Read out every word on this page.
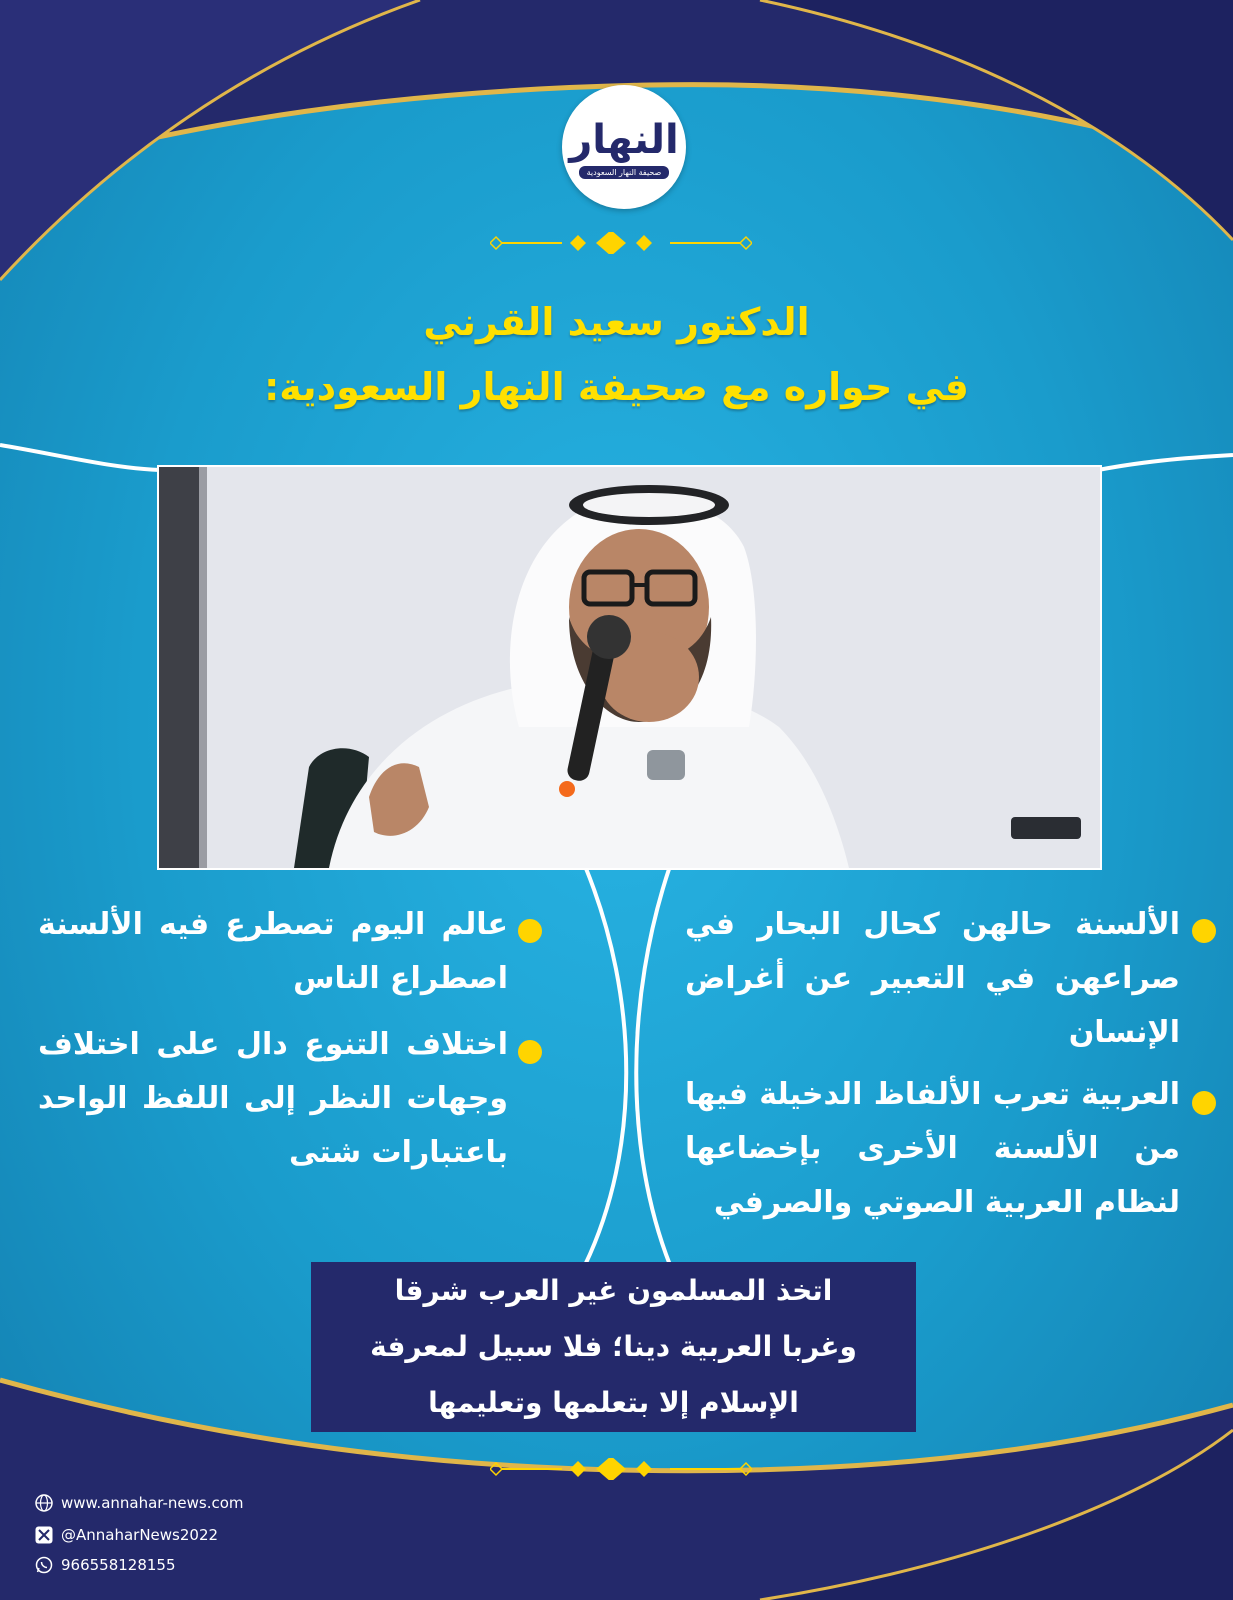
النهار
صحيفة النهار السعودية
الدكتور سعيد القرني
في حواره مع صحيفة النهار السعودية:
الألسنة حالهن كحال البحار في صراعهن في التعبير عن أغراض الإنسان
العربية تعرب الألفاظ الدخيلة فيها من الألسنة الأخرى بإخضاعها لنظام العربية الصوتي والصرفي
عالم اليوم تصطرع فيه الألسنة اصطراع الناس
اختلاف التنوع دال على اختلاف وجهات النظر إلى اللفظ الواحد باعتبارات شتى
اتخذ المسلمون غير العرب شرقا
وغربا العربية دينا؛ فلا سبيل لمعرفة
الإسلام إلا بتعلمها وتعليمها
www.annahar-news.com
@AnnaharNews2022
966558128155
